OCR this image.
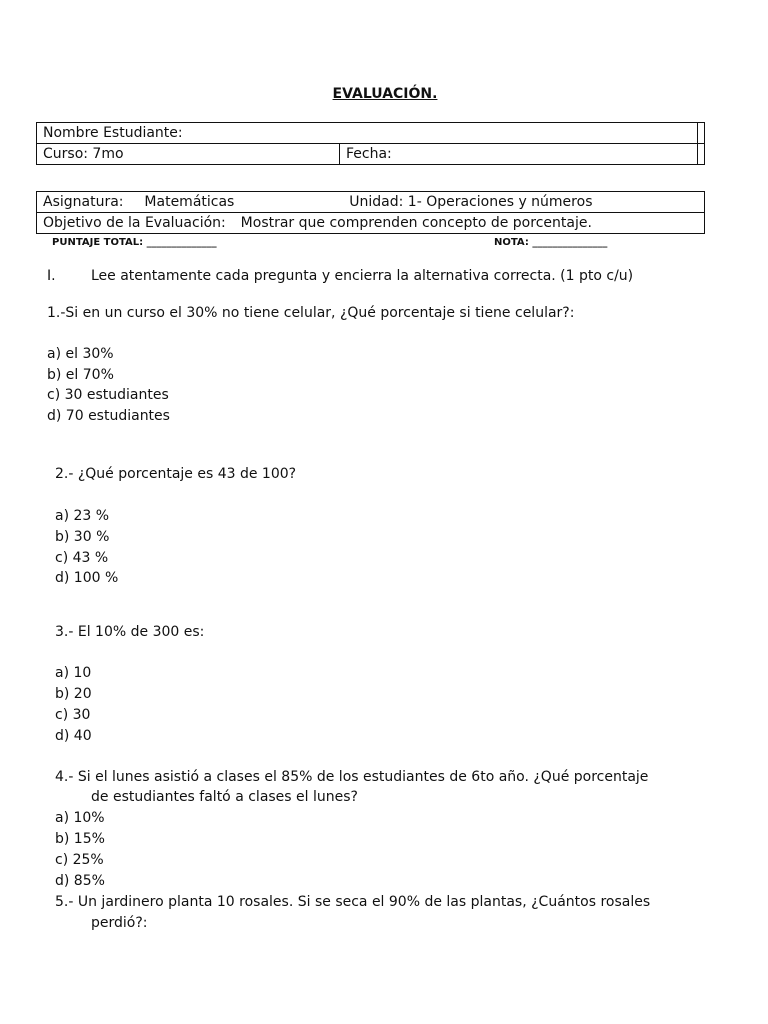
EVALUACIÓN.
Nombre Estudiante:		
Curso: 7mo	Fecha:	
Asignatura: Matemáticas	Unidad: 1- Operaciones y números
Objetivo de la Evaluación: Mostrar que comprenden concepto de porcentaje.
PUNTAJE TOTAL: ______________	NOTA: _______________
I.	Lee atentamente cada pregunta y encierra la alternativa correcta. (1 pto c/u)
1.-Si en un curso el 30% no tiene celular, ¿Qué porcentaje si tiene celular?:
a) el 30%
b) el 70%
c) 30 estudiantes
d) 70 estudiantes
2.- ¿Qué porcentaje es 43 de 100?
a) 23 %
b) 30 %
c) 43 %
d) 100 %
3.- El 10% de 300 es:
a) 10
b) 20
c) 30
d) 40
4.- Si el lunes asistió a clases el 85% de los estudiantes de 6to año. ¿Qué porcentaje
de estudiantes faltó a clases el lunes?
a) 10%
b) 15%
c) 25%
d) 85%
5.- Un jardinero planta 10 rosales. Si se seca el 90% de las plantas, ¿Cuántos rosales
perdió?:
